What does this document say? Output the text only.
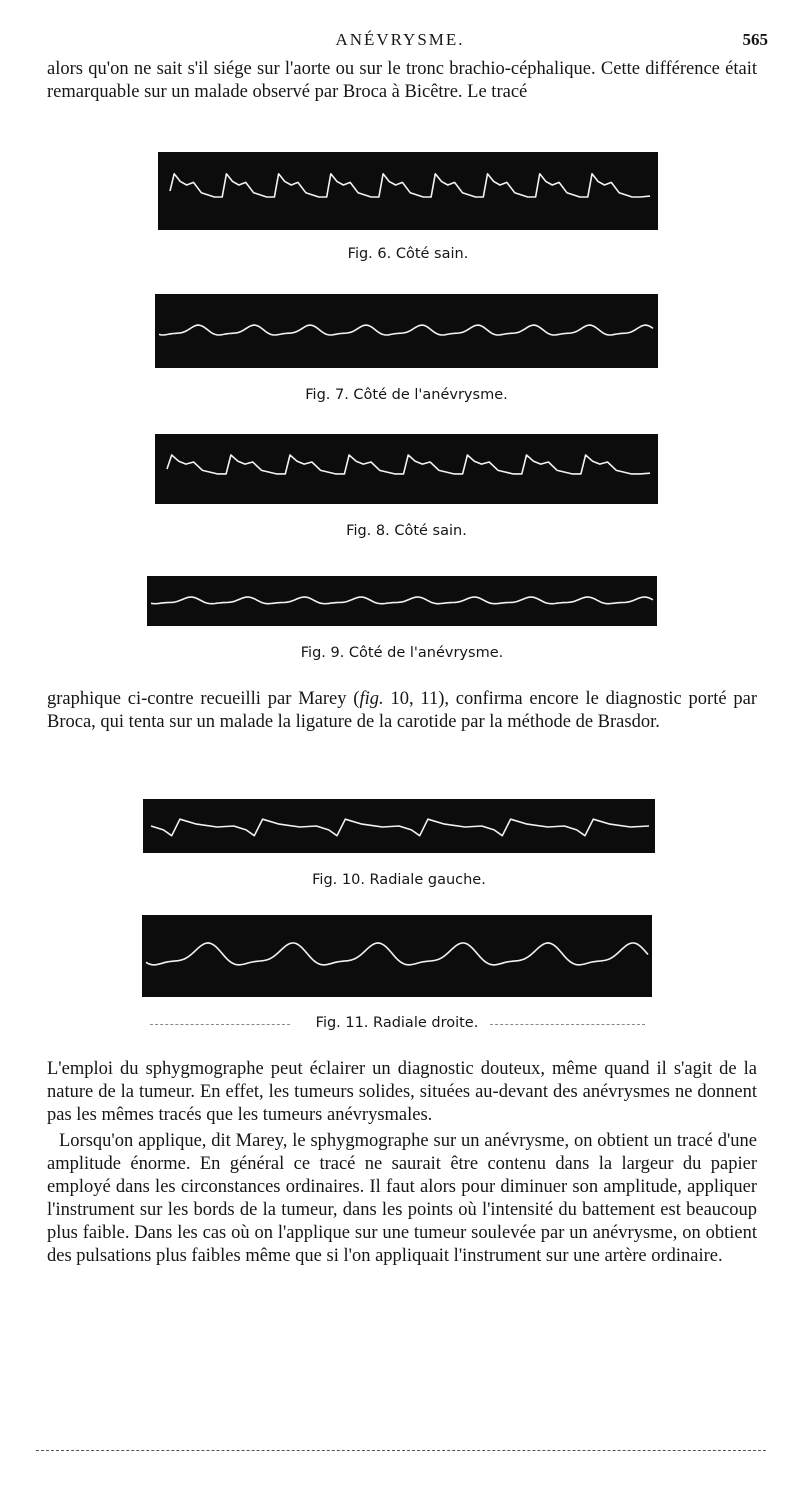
ANÉVRYSME.	565

alors qu'on ne sait s'il siége sur l'aorte ou sur le tronc brachio-céphalique. Cette différence était remarquable sur un malade observé par Broca à Bicêtre. Le tracé

Fig. 6. Côté sain.
Fig. 7. Côté de l'anévrysme.
Fig. 8. Côté sain.
Fig. 9. Côté de l'anévrysme.

graphique ci-contre recueilli par Marey (fig. 10, 11), confirma encore le diagnostic porté par Broca, qui tenta sur un malade la ligature de la carotide par la méthode de Brasdor.

Fig. 10. Radiale gauche.
Fig. 11. Radiale droite.

L'emploi du sphygmographe peut éclairer un diagnostic douteux, même quand il s'agit de la nature de la tumeur. En effet, les tumeurs solides, situées au-devant des anévrysmes ne donnent pas les mêmes tracés que les tumeurs anévrysmales.

Lorsqu'on applique, dit Marey, le sphygmographe sur un anévrysme, on obtient un tracé d'une amplitude énorme. En général ce tracé ne saurait être contenu dans la largeur du papier employé dans les circonstances ordinaires. Il faut alors pour diminuer son amplitude, appliquer l'instrument sur les bords de la tumeur, dans les points où l'intensité du battement est beaucoup plus faible. Dans les cas où on l'applique sur une tumeur soulevée par un anévrysme, on obtient des pulsations plus faibles même que si l'on appliquait l'instrument sur une artère ordinaire.
